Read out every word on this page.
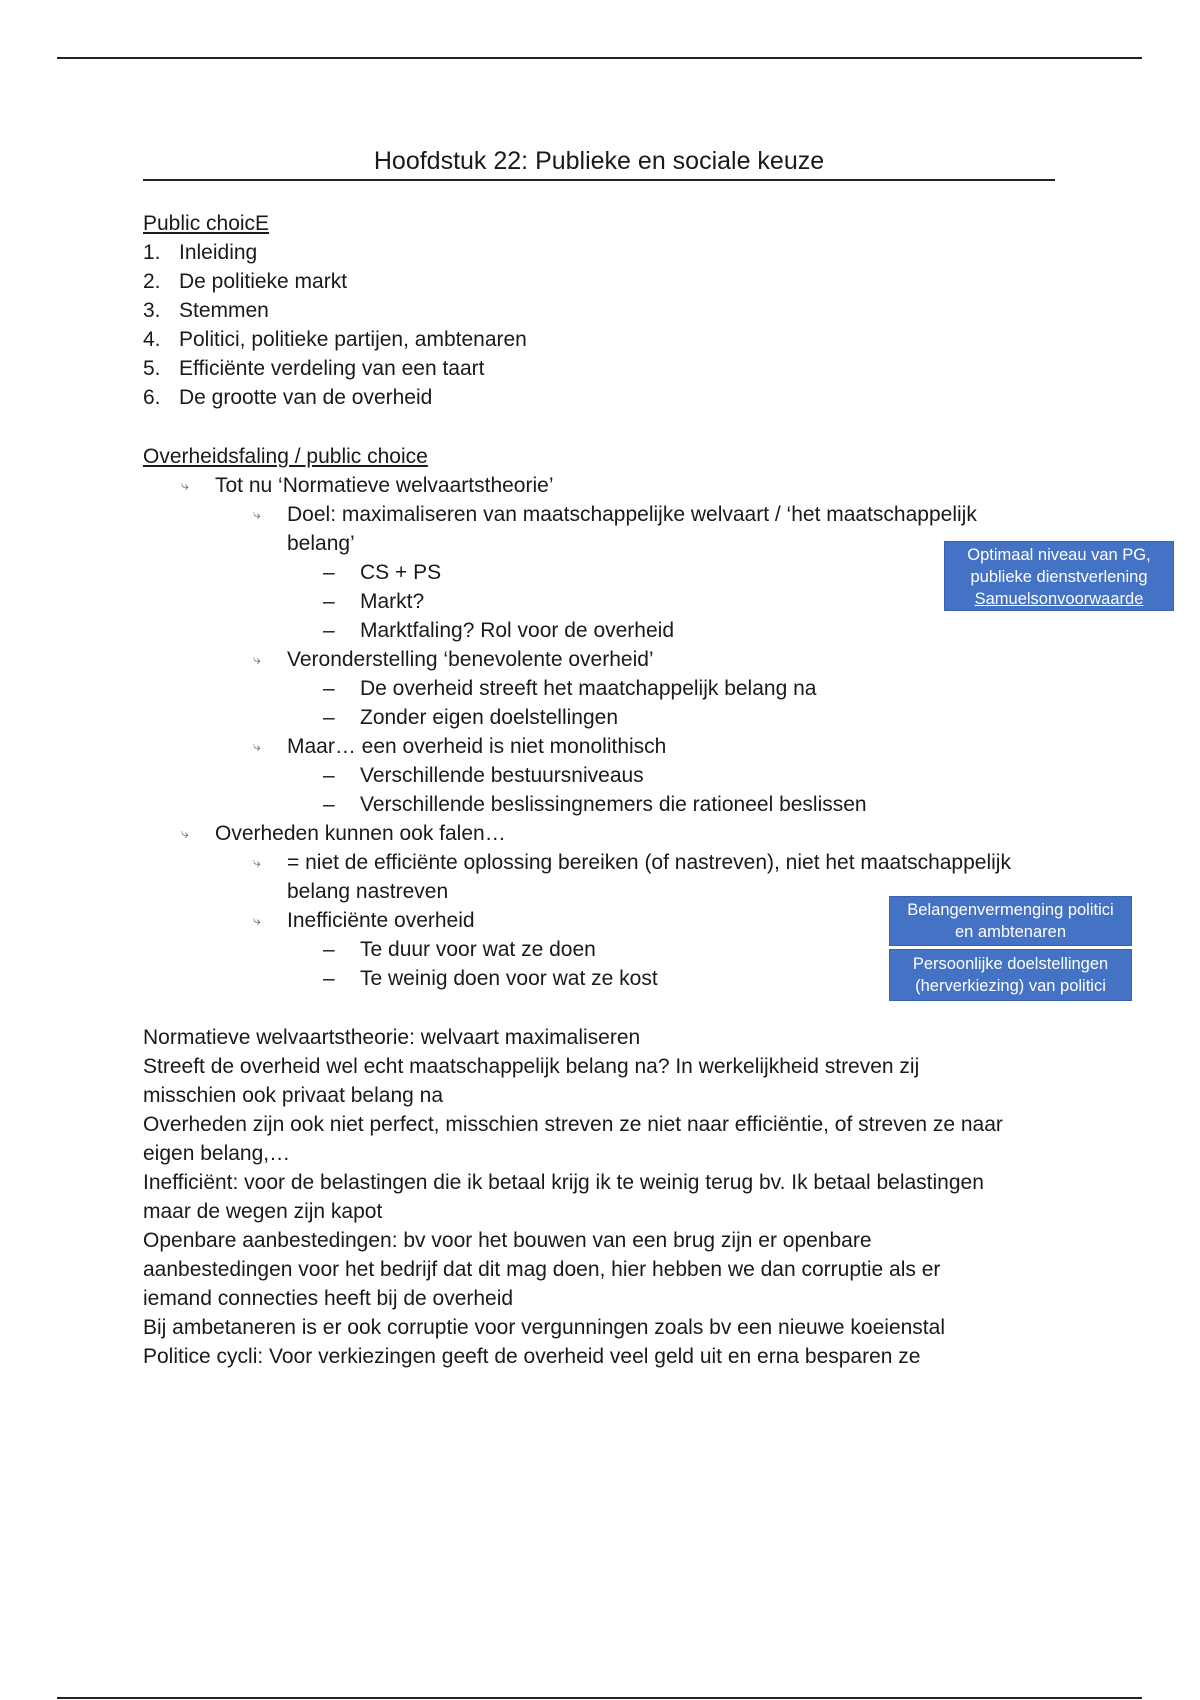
Hoofdstuk 22: Publieke en sociale keuze
Public choicE
1. Inleiding
2. De politieke markt
3. Stemmen
4. Politici, politieke partijen, ambtenaren
5. Efficiënte verdeling van een taart
6. De grootte van de overheid
Overheidsfaling / public choice
⤷ Tot nu ‘Normatieve welvaartstheorie’
⤷ Doel: maximaliseren van maatschappelijke welvaart / ‘het maatschappelijk
belang’
– CS + PS
– Markt?
– Marktfaling? Rol voor de overheid
⤷ Veronderstelling ‘benevolente overheid’
– De overheid streeft het maatchappelijk belang na
– Zonder eigen doelstellingen
⤷ Maar… een overheid is niet monolithisch
– Verschillende bestuursniveaus
– Verschillende beslissingnemers die rationeel beslissen
⤷ Overheden kunnen ook falen…
⤷ = niet de efficiënte oplossing bereiken (of nastreven), niet het maatschappelijk
belang nastreven
⤷ Inefficiënte overheid
– Te duur voor wat ze doen
– Te weinig doen voor wat ze kost
Normatieve welvaartstheorie: welvaart maximaliseren
Streeft de overheid wel echt maatschappelijk belang na? In werkelijkheid streven zij
misschien ook privaat belang na
Overheden zijn ook niet perfect, misschien streven ze niet naar efficiëntie, of streven ze naar
eigen belang,…
Inefficiënt: voor de belastingen die ik betaal krijg ik te weinig terug bv. Ik betaal belastingen
maar de wegen zijn kapot
Openbare aanbestedingen: bv voor het bouwen van een brug zijn er openbare
aanbestedingen voor het bedrijf dat dit mag doen, hier hebben we dan corruptie als er
iemand connecties heeft bij de overheid
Bij ambetaneren is er ook corruptie voor vergunningen zoals bv een nieuwe koeienstal
Politice cycli: Voor verkiezingen geeft de overheid veel geld uit en erna besparen ze
Optimaal niveau van PG,
publieke dienstverlening
Samuelsonvoorwaarde
Belangenvermenging politici
en ambtenaren
Persoonlijke doelstellingen
(herverkiezing) van politici
